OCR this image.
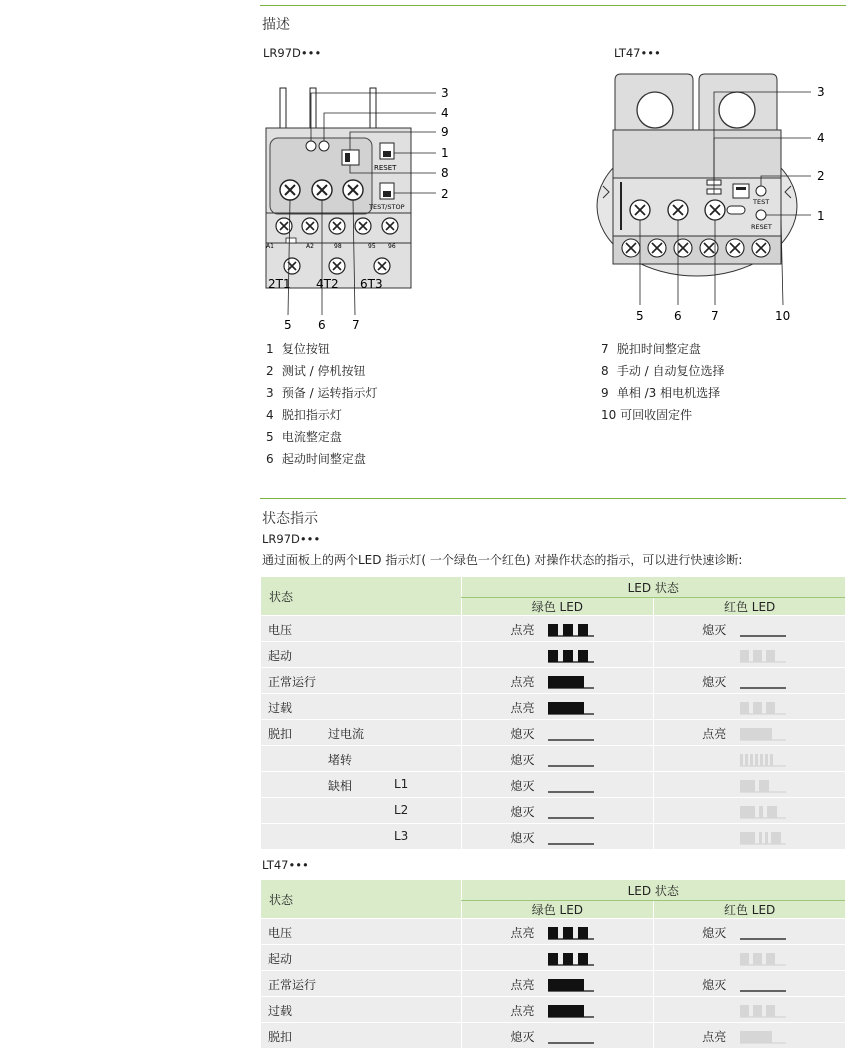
描述
LR97D•••	LT47•••
RESET
TEST/STOP
A1	A2	98	95 96
2T1 4T2 6T3
3
4
9
1
8
2
5 6 7
TEST
RESET
3
4
2
1
5	6 7	10
1 复位按钮
2 测试 / 停机按钮
3 预备 / 运转指示灯
4 脱扣指示灯
5 电流整定盘
6 起动时间整定盘
7 脱扣时间整定盘
8 手动 / 自动复位选择
9 单相 /3 相电机选择
10 可回收固定件
状态指示
LR97D•••
通过面板上的两个LED 指示灯( 一个绿色一个红色) 对操作状态的指示，可以进行快速诊断:
状态	LED 状态	
	绿色 LED	红色 LED

电压	点亮	熄灭

起动

正常运行	点亮	熄灭

过载	点亮

脱扣 过电流	熄灭	点亮

堵转	熄灭

缺相 L1	熄灭

L2	熄灭

L3	熄灭

LT47•••
状态	LED 状态	
	绿色 LED	红色 LED

电压	点亮	熄灭

起动

正常运行	点亮	熄灭

过载	点亮

脱扣	熄灭	点亮
